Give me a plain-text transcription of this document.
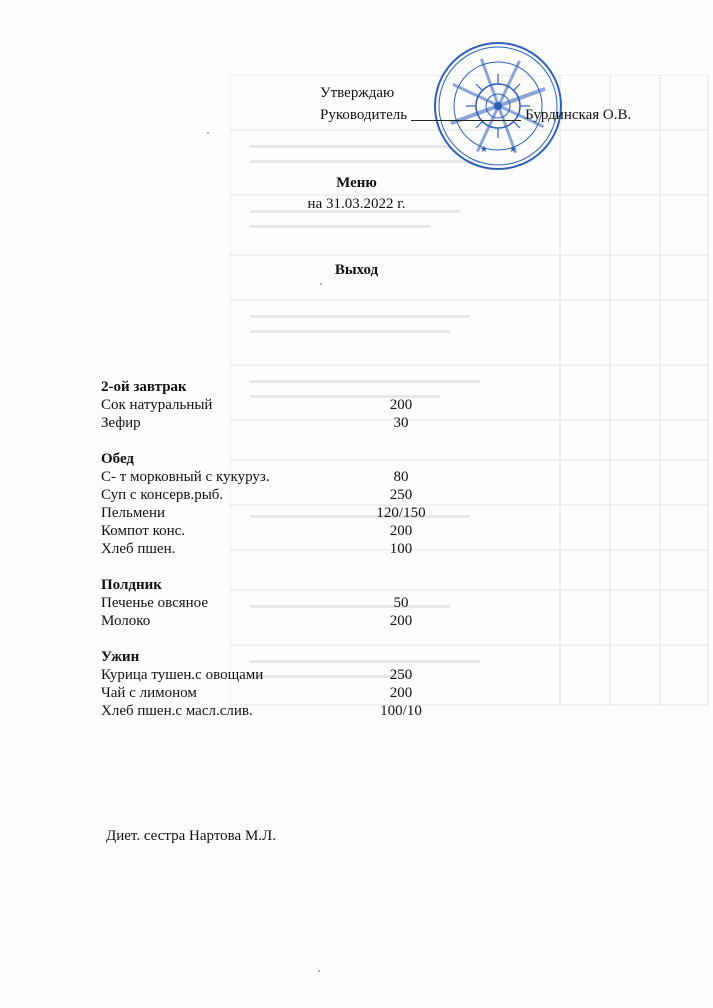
★ ★
Утверждаю
Руководитель	Бурдинская О.В.
Меню
на 31.03.2022 г.
Выход
2-ой завтрак
Сок натуральный	200
Зефир	30
Обед
С- т морковный с кукуруз.	80
Суп с консерв.рыб.	250
Пельмени	120/150
Компот конс.	200
Хлеб пшен.	100
Полдник
Печенье овсяное	50
Молоко	200
Ужин
Курица тушен.с овощами	250
Чай с лимоном	200
Хлеб пшен.с масл.слив.	100/10
Диет. сестра Нартова М.Л.
